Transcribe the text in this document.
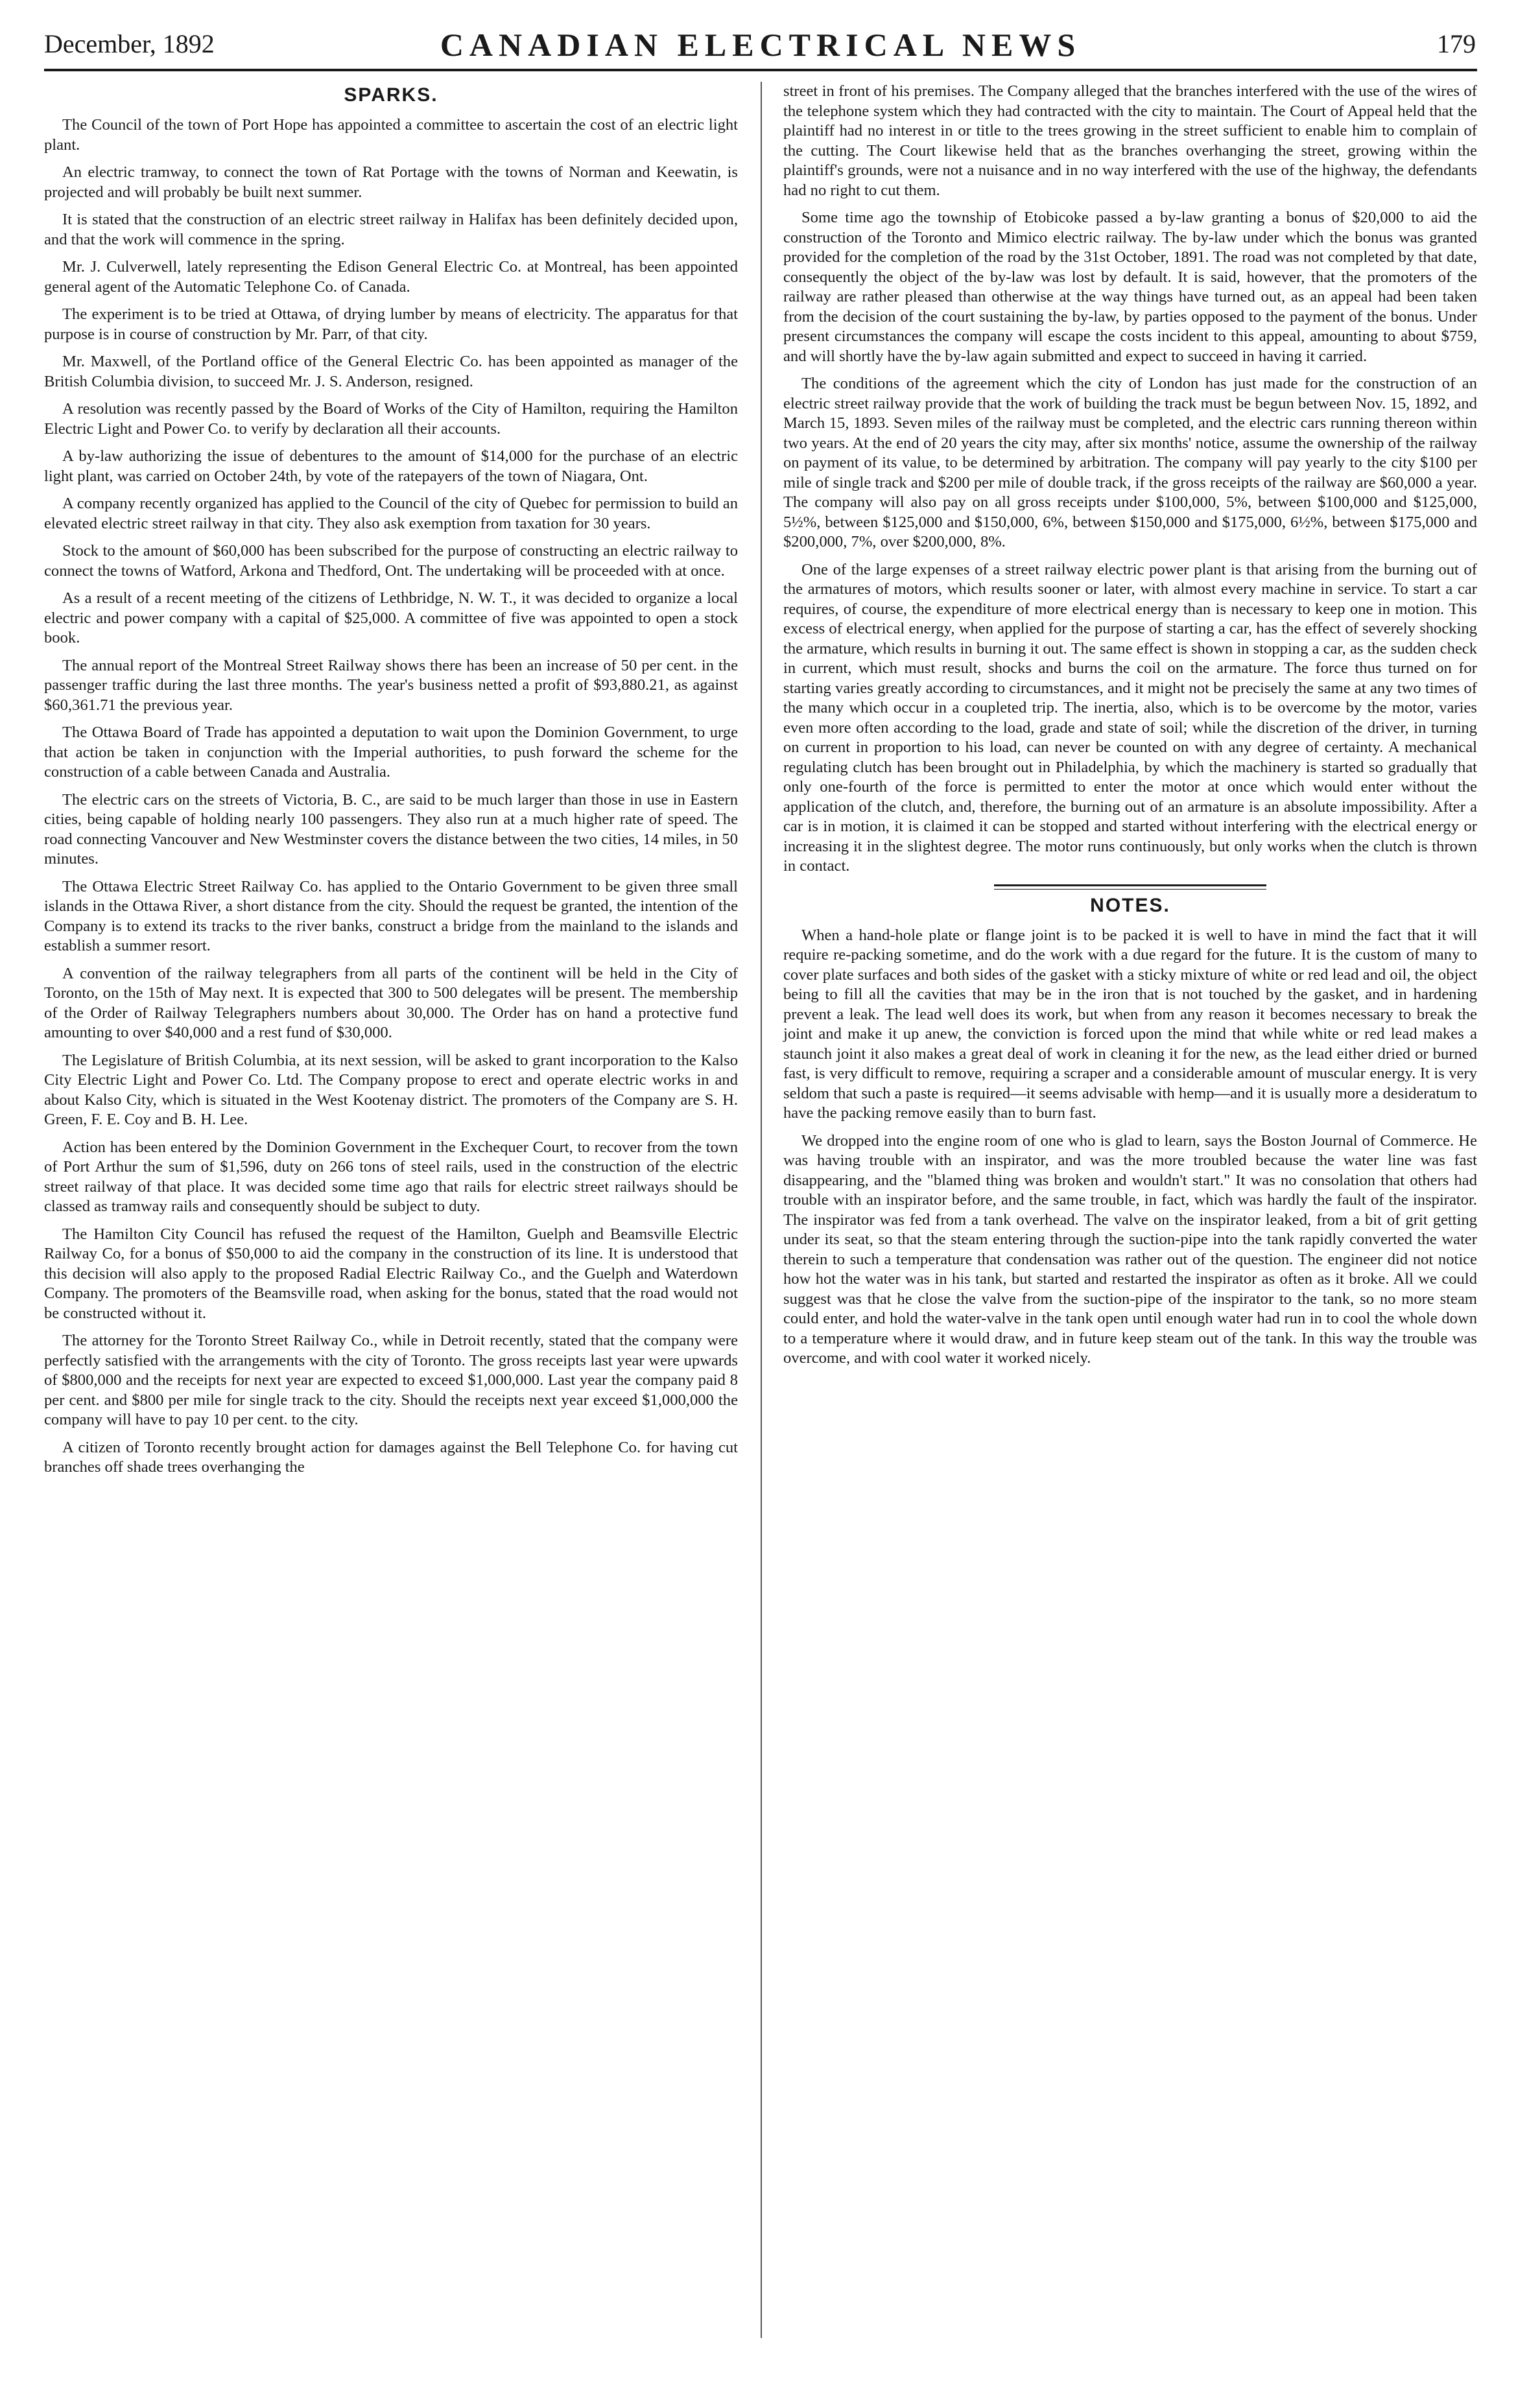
December, 1892	CANADIAN ELECTRICAL NEWS	179
SPARKS.

The Council of the town of Port Hope has appointed a committee to ascertain the cost of an electric light plant.

An electric tramway, to connect the town of Rat Portage with the towns of Norman and Keewatin, is projected and will probably be built next summer.

It is stated that the construction of an electric street railway in Halifax has been definitely decided upon, and that the work will commence in the spring.

Mr. J. Culverwell, lately representing the Edison General Electric Co. at Montreal, has been appointed general agent of the Automatic Telephone Co. of Canada.

The experiment is to be tried at Ottawa, of drying lumber by means of electricity. The apparatus for that purpose is in course of construction by Mr. Parr, of that city.

Mr. Maxwell, of the Portland office of the General Electric Co. has been appointed as manager of the British Columbia division, to succeed Mr. J. S. Anderson, resigned.

A resolution was recently passed by the Board of Works of the City of Hamilton, requiring the Hamilton Electric Light and Power Co. to verify by declaration all their accounts.

A by-law authorizing the issue of debentures to the amount of $14,000 for the purchase of an electric light plant, was carried on October 24th, by vote of the ratepayers of the town of Niagara, Ont.

A company recently organized has applied to the Council of the city of Quebec for permission to build an elevated electric street railway in that city. They also ask exemption from taxation for 30 years.

Stock to the amount of $60,000 has been subscribed for the purpose of constructing an electric railway to connect the towns of Watford, Arkona and Thedford, Ont. The undertaking will be proceeded with at once.

As a result of a recent meeting of the citizens of Lethbridge, N. W. T., it was decided to organize a local electric and power company with a capital of $25,000. A committee of five was appointed to open a stock book.

The annual report of the Montreal Street Railway shows there has been an increase of 50 per cent. in the passenger traffic during the last three months. The year's business netted a profit of $93,880.21, as against $60,361.71 the previous year.

The Ottawa Board of Trade has appointed a deputation to wait upon the Dominion Government, to urge that action be taken in conjunction with the Imperial authorities, to push forward the scheme for the construction of a cable between Canada and Australia.

The electric cars on the streets of Victoria, B. C., are said to be much larger than those in use in Eastern cities, being capable of holding nearly 100 passengers. They also run at a much higher rate of speed. The road connecting Vancouver and New Westminster covers the distance between the two cities, 14 miles, in 50 minutes.

The Ottawa Electric Street Railway Co. has applied to the Ontario Government to be given three small islands in the Ottawa River, a short distance from the city. Should the request be granted, the intention of the Company is to extend its tracks to the river banks, construct a bridge from the mainland to the islands and establish a summer resort.

A convention of the railway telegraphers from all parts of the continent will be held in the City of Toronto, on the 15th of May next. It is expected that 300 to 500 delegates will be present. The membership of the Order of Railway Telegraphers numbers about 30,000. The Order has on hand a protective fund amounting to over $40,000 and a rest fund of $30,000.

The Legislature of British Columbia, at its next session, will be asked to grant incorporation to the Kalso City Electric Light and Power Co. Ltd. The Company propose to erect and operate electric works in and about Kalso City, which is situated in the West Kootenay district. The promoters of the Company are S. H. Green, F. E. Coy and B. H. Lee.

Action has been entered by the Dominion Government in the Exchequer Court, to recover from the town of Port Arthur the sum of $1,596, duty on 266 tons of steel rails, used in the construction of the electric street railway of that place. It was decided some time ago that rails for electric street railways should be classed as tramway rails and consequently should be subject to duty.

The Hamilton City Council has refused the request of the Hamilton, Guelph and Beamsville Electric Railway Co, for a bonus of $50,000 to aid the company in the construction of its line. It is understood that this decision will also apply to the proposed Radial Electric Railway Co., and the Guelph and Waterdown Company. The promoters of the Beamsville road, when asking for the bonus, stated that the road would not be constructed without it.

The attorney for the Toronto Street Railway Co., while in Detroit recently, stated that the company were perfectly satisfied with the arrangements with the city of Toronto. The gross receipts last year were upwards of $800,000 and the receipts for next year are expected to exceed $1,000,000. Last year the company paid 8 per cent. and $800 per mile for single track to the city. Should the receipts next year exceed $1,000,000 the company will have to pay 10 per cent. to the city.

A citizen of Toronto recently brought action for damages against the Bell Telephone Co. for having cut branches off shade trees overhanging the

street in front of his premises. The Company alleged that the branches interfered with the use of the wires of the telephone system which they had contracted with the city to maintain. The Court of Appeal held that the plaintiff had no interest in or title to the trees growing in the street sufficient to enable him to complain of the cutting. The Court likewise held that as the branches overhanging the street, growing within the plaintiff's grounds, were not a nuisance and in no way interfered with the use of the highway, the defendants had no right to cut them.

Some time ago the township of Etobicoke passed a by-law granting a bonus of $20,000 to aid the construction of the Toronto and Mimico electric railway. The by-law under which the bonus was granted provided for the completion of the road by the 31st October, 1891. The road was not completed by that date, consequently the object of the by-law was lost by default. It is said, however, that the promoters of the railway are rather pleased than otherwise at the way things have turned out, as an appeal had been taken from the decision of the court sustaining the by-law, by parties opposed to the payment of the bonus. Under present circumstances the company will escape the costs incident to this appeal, amounting to about $759, and will shortly have the by-law again submitted and expect to succeed in having it carried.

The conditions of the agreement which the city of London has just made for the construction of an electric street railway provide that the work of building the track must be begun between Nov. 15, 1892, and March 15, 1893. Seven miles of the railway must be completed, and the electric cars running thereon within two years. At the end of 20 years the city may, after six months' notice, assume the ownership of the railway on payment of its value, to be determined by arbitration. The company will pay yearly to the city $100 per mile of single track and $200 per mile of double track, if the gross receipts of the railway are $60,000 a year. The company will also pay on all gross receipts under $100,000, 5%, between $100,000 and $125,000, 5½%, between $125,000 and $150,000, 6%, between $150,000 and $175,000, 6½%, between $175,000 and $200,000, 7%, over $200,000, 8%.

One of the large expenses of a street railway electric power plant is that arising from the burning out of the armatures of motors, which results sooner or later, with almost every machine in service. To start a car requires, of course, the expenditure of more electrical energy than is necessary to keep one in motion. This excess of electrical energy, when applied for the purpose of starting a car, has the effect of severely shocking the armature, which results in burning it out. The same effect is shown in stopping a car, as the sudden check in current, which must result, shocks and burns the coil on the armature. The force thus turned on for starting varies greatly according to circumstances, and it might not be precisely the same at any two times of the many which occur in a coupleted trip. The inertia, also, which is to be overcome by the motor, varies even more often according to the load, grade and state of soil; while the discretion of the driver, in turning on current in proportion to his load, can never be counted on with any degree of certainty. A mechanical regulating clutch has been brought out in Philadelphia, by which the machinery is started so gradually that only one-fourth of the force is permitted to enter the motor at once which would enter without the application of the clutch, and, therefore, the burning out of an armature is an absolute impossibility. After a car is in motion, it is claimed it can be stopped and started without interfering with the electrical energy or increasing it in the slightest degree. The motor runs continuously, but only works when the clutch is thrown in contact.

NOTES.

When a hand-hole plate or flange joint is to be packed it is well to have in mind the fact that it will require re-packing sometime, and do the work with a due regard for the future. It is the custom of many to cover plate surfaces and both sides of the gasket with a sticky mixture of white or red lead and oil, the object being to fill all the cavities that may be in the iron that is not touched by the gasket, and in hardening prevent a leak. The lead well does its work, but when from any reason it becomes necessary to break the joint and make it up anew, the conviction is forced upon the mind that while white or red lead makes a staunch joint it also makes a great deal of work in cleaning it for the new, as the lead either dried or burned fast, is very difficult to remove, requiring a scraper and a considerable amount of muscular energy. It is very seldom that such a paste is required—it seems advisable with hemp—and it is usually more a desideratum to have the packing remove easily than to burn fast.

We dropped into the engine room of one who is glad to learn, says the Boston Journal of Commerce. He was having trouble with an inspirator, and was the more troubled because the water line was fast disappearing, and the "blamed thing was broken and wouldn't start." It was no consolation that others had trouble with an inspirator before, and the same trouble, in fact, which was hardly the fault of the inspirator. The inspirator was fed from a tank overhead. The valve on the inspirator leaked, from a bit of grit getting under its seat, so that the steam entering through the suction-pipe into the tank rapidly converted the water therein to such a temperature that condensation was rather out of the question. The engineer did not notice how hot the water was in his tank, but started and restarted the inspirator as often as it broke. All we could suggest was that he close the valve from the suction-pipe of the inspirator to the tank, so no more steam could enter, and hold the water-valve in the tank open until enough water had run in to cool the whole down to a temperature where it would draw, and in future keep steam out of the tank. In this way the trouble was overcome, and with cool water it worked nicely.
